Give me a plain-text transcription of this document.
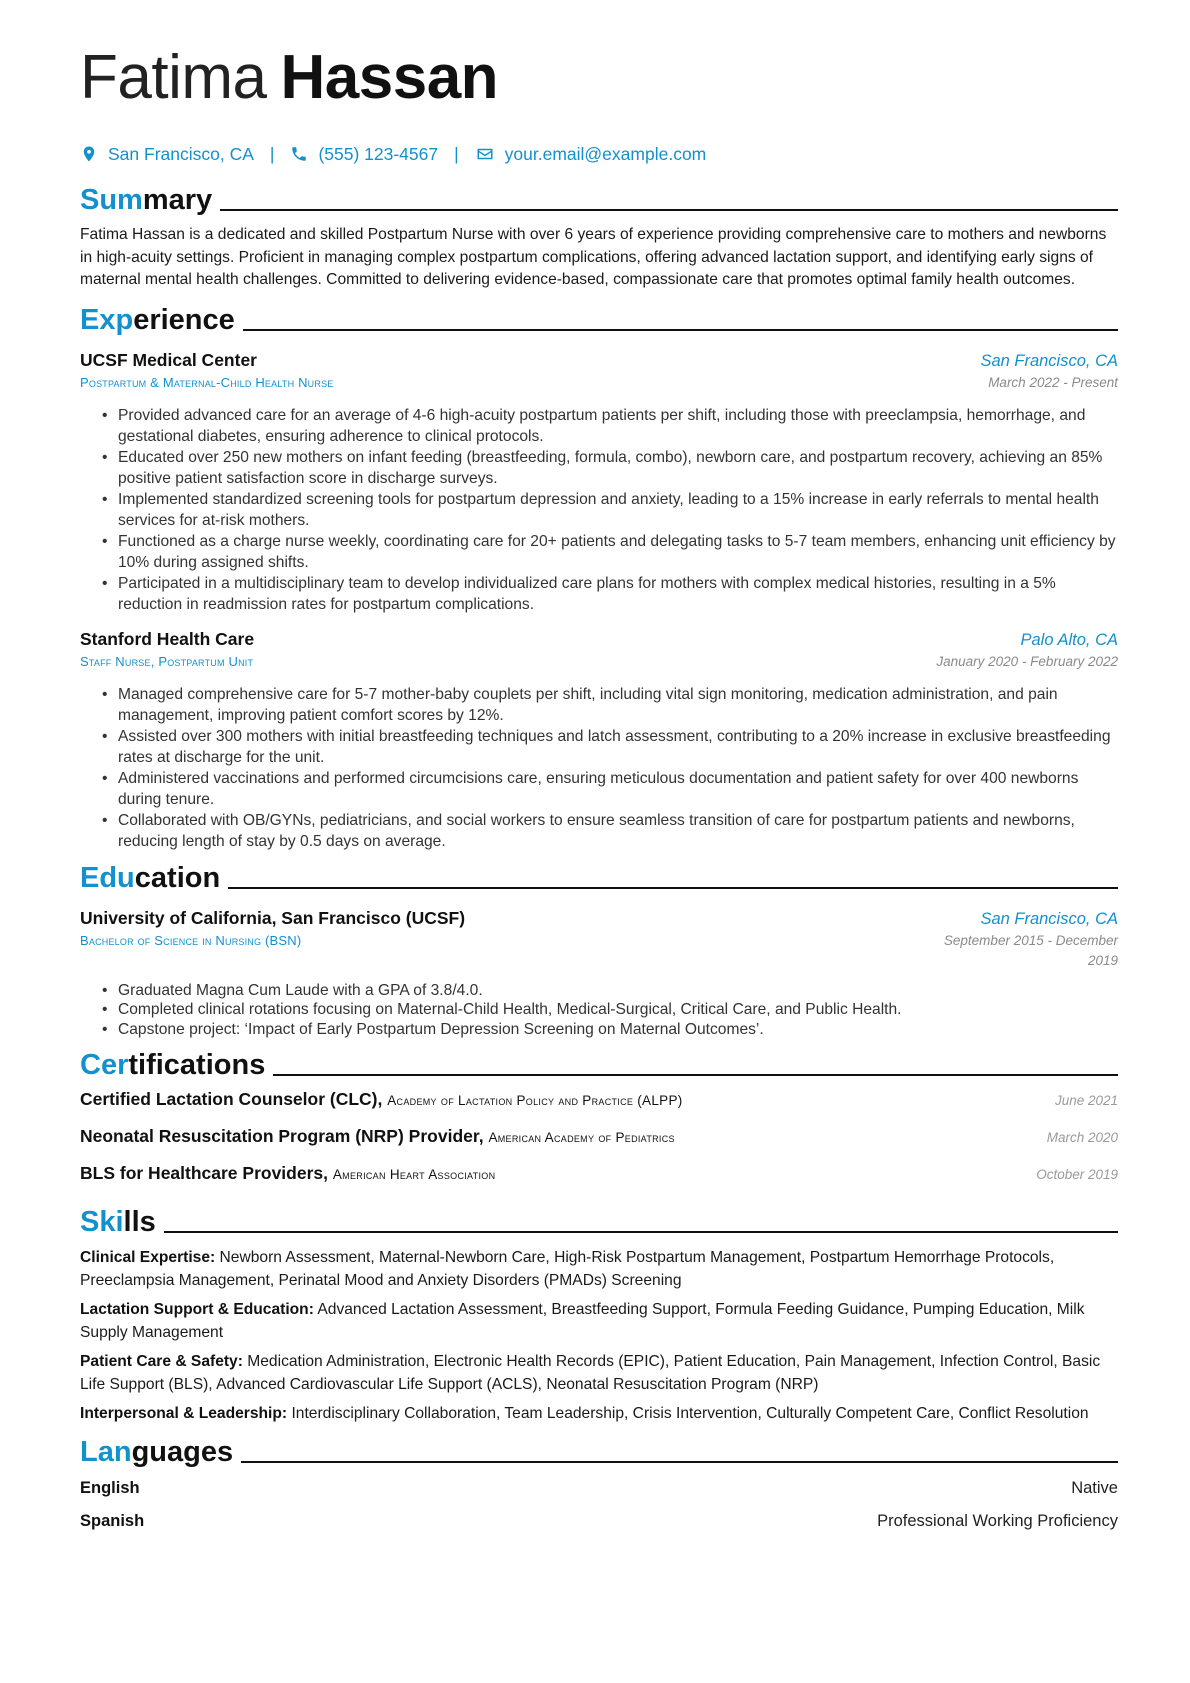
Fatima Hassan
San Francisco, CA |	(555) 123-4567 |	your.email@example.com
Summary
Fatima Hassan is a dedicated and skilled Postpartum Nurse with over 6 years of experience providing comprehensive care to mothers and newborns in high-acuity settings. Proficient in managing complex postpartum complications, offering advanced lactation support, and identifying early signs of maternal mental health challenges. Committed to delivering evidence-based, compassionate care that promotes optimal family health outcomes.
Experience
UCSF Medical Center	San Francisco, CA
Postpartum & Maternal-Child Health Nurse	March 2022 - Present
• Provided advanced care for an average of 4-6 high-acuity postpartum patients per shift, including those with preeclampsia, hemorrhage, and gestational diabetes, ensuring adherence to clinical protocols.
• Educated over 250 new mothers on infant feeding (breastfeeding, formula, combo), newborn care, and postpartum recovery, achieving an 85% positive patient satisfaction score in discharge surveys.
• Implemented standardized screening tools for postpartum depression and anxiety, leading to a 15% increase in early referrals to mental health services for at-risk mothers.
• Functioned as a charge nurse weekly, coordinating care for 20+ patients and delegating tasks to 5-7 team members, enhancing unit efficiency by 10% during assigned shifts.
• Participated in a multidisciplinary team to develop individualized care plans for mothers with complex medical histories, resulting in a 5% reduction in readmission rates for postpartum complications.
Stanford Health Care	Palo Alto, CA
Staff Nurse, Postpartum Unit	January 2020 - February 2022
• Managed comprehensive care for 5-7 mother-baby couplets per shift, including vital sign monitoring, medication administration, and pain management, improving patient comfort scores by 12%.
• Assisted over 300 mothers with initial breastfeeding techniques and latch assessment, contributing to a 20% increase in exclusive breastfeeding rates at discharge for the unit.
• Administered vaccinations and performed circumcisions care, ensuring meticulous documentation and patient safety for over 400 newborns during tenure.
• Collaborated with OB/GYNs, pediatricians, and social workers to ensure seamless transition of care for postpartum patients and newborns, reducing length of stay by 0.5 days on average.
Education
University of California, San Francisco (UCSF)	San Francisco, CA
Bachelor of Science in Nursing (BSN)	September 2015 - December
2019
• Graduated Magna Cum Laude with a GPA of 3.8/4.0.
• Completed clinical rotations focusing on Maternal-Child Health, Medical-Surgical, Critical Care, and Public Health.
• Capstone project: ‘Impact of Early Postpartum Depression Screening on Maternal Outcomes’.
Certifications
Certified Lactation Counselor (CLC), Academy of Lactation Policy and Practice (ALPP)	June 2021
Neonatal Resuscitation Program (NRP) Provider, American Academy of Pediatrics	March 2020
BLS for Healthcare Providers, American Heart Association	October 2019
Skills
Clinical Expertise: Newborn Assessment, Maternal-Newborn Care, High-Risk Postpartum Management, Postpartum Hemorrhage Protocols, Preeclampsia Management, Perinatal Mood and Anxiety Disorders (PMADs) Screening
Lactation Support & Education: Advanced Lactation Assessment, Breastfeeding Support, Formula Feeding Guidance, Pumping Education, Milk Supply Management
Patient Care & Safety: Medication Administration, Electronic Health Records (EPIC), Patient Education, Pain Management, Infection Control, Basic Life Support (BLS), Advanced Cardiovascular Life Support (ACLS), Neonatal Resuscitation Program (NRP)
Interpersonal & Leadership: Interdisciplinary Collaboration, Team Leadership, Crisis Intervention, Culturally Competent Care, Conflict Resolution
Languages
English	Native
Spanish	Professional Working Proficiency
